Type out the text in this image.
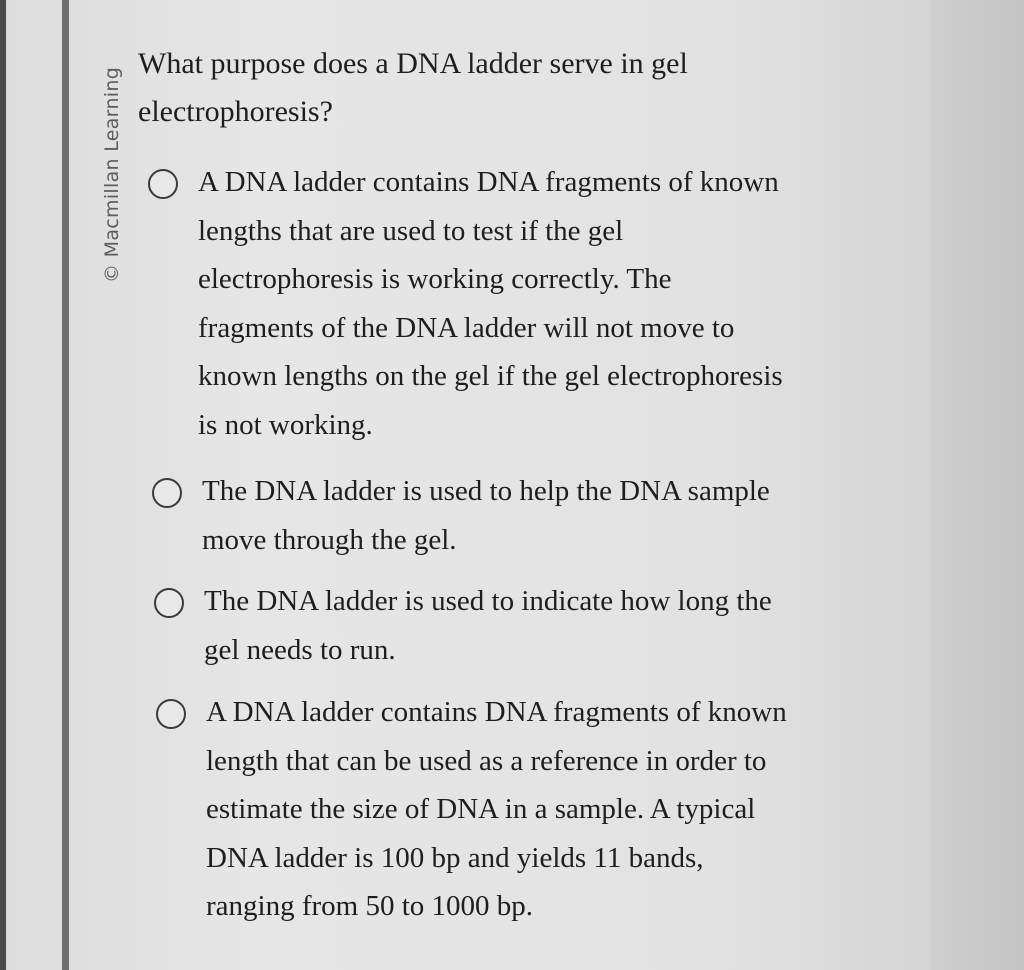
© Macmillan Learning
What purpose does a DNA ladder serve in gel
electrophoresis?
A DNA ladder contains DNA fragments of known
lengths that are used to test if the gel
electrophoresis is working correctly. The
fragments of the DNA ladder will not move to
known lengths on the gel if the gel electrophoresis
is not working.
The DNA ladder is used to help the DNA sample
move through the gel.
The DNA ladder is used to indicate how long the
gel needs to run.
A DNA ladder contains DNA fragments of known
length that can be used as a reference in order to
estimate the size of DNA in a sample. A typical
DNA ladder is 100 bp and yields 11 bands,
ranging from 50 to 1000 bp.
